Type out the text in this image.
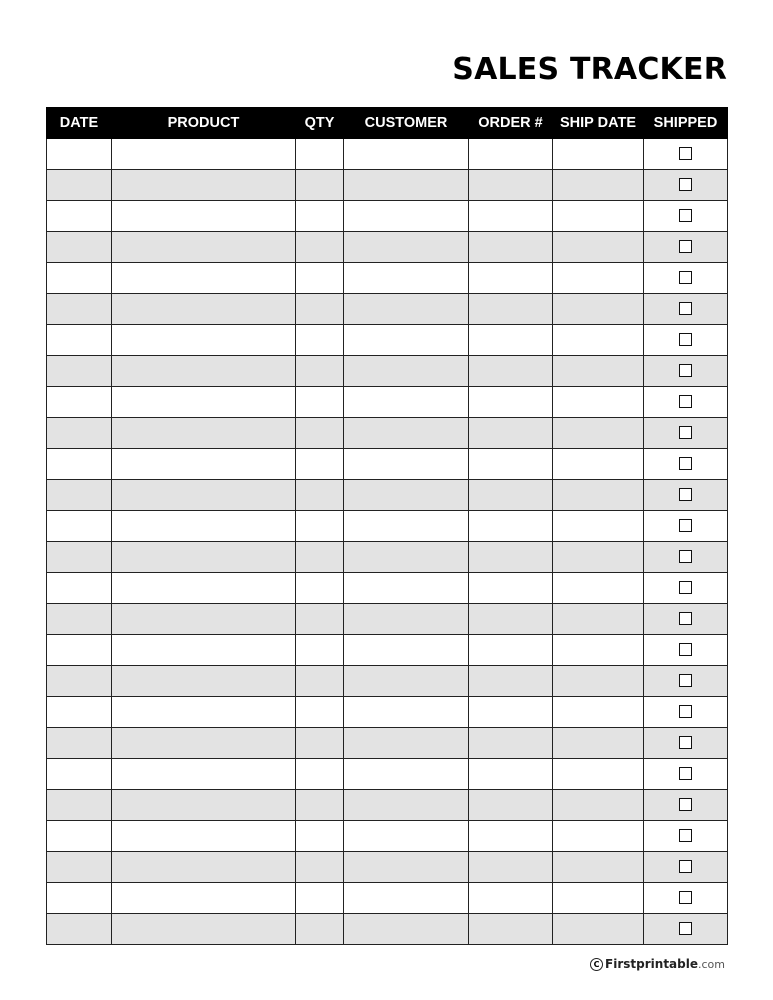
SALES TRACKER
DATE	PRODUCT	QTY	CUSTOMER	ORDER #	SHIP DATE	SHIPPED

C Firstprintable .com
